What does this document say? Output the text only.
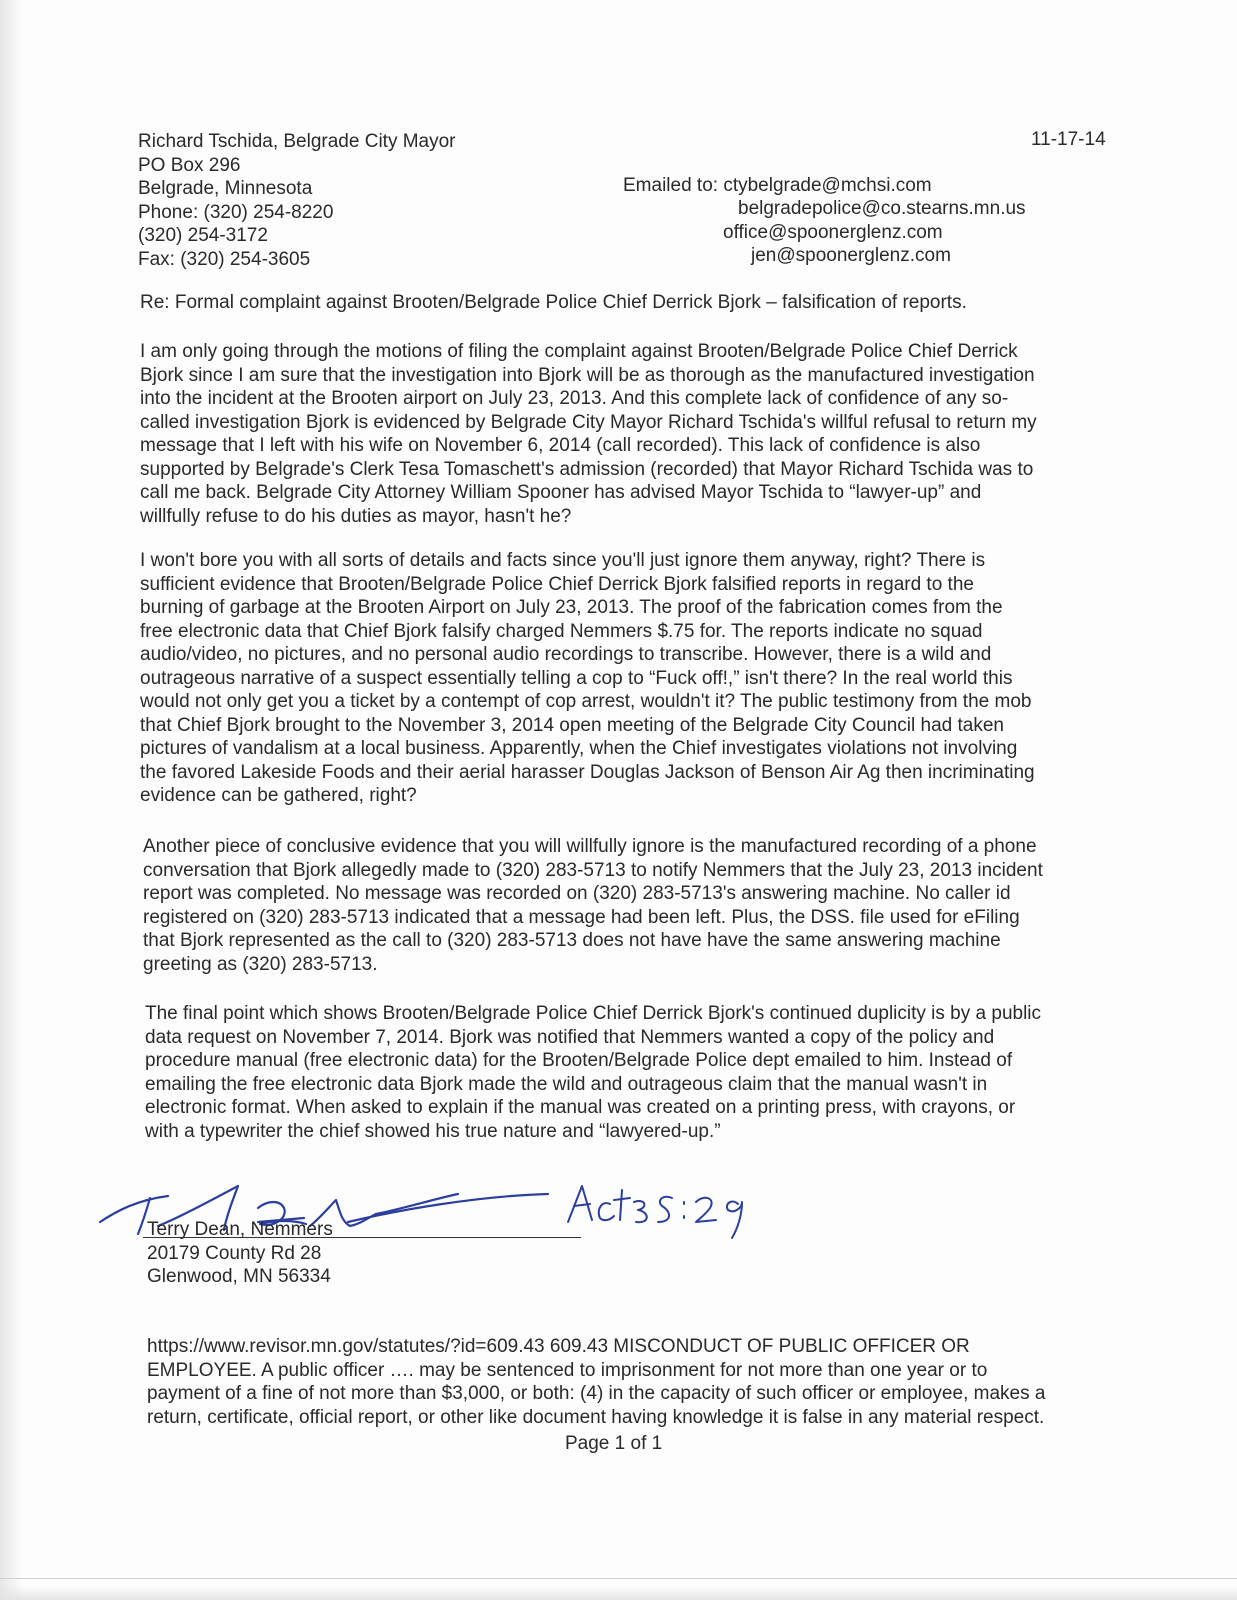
11-17-14
Richard Tschida, Belgrade City Mayor
PO Box 296
Belgrade, Minnesota
Phone: (320) 254-8220
(320) 254-3172
Fax: (320) 254-3605
Emailed to: ctybelgrade@mchsi.com
belgradepolice@co.stearns.mn.us
office@spoonerglenz.com
jen@spoonerglenz.com
Re: Formal complaint against Brooten/Belgrade Police Chief Derrick Bjork – falsification of reports.
I am only going through the motions of filing the complaint against Brooten/Belgrade Police Chief Derrick
Bjork since I am sure that the investigation into Bjork will be as thorough as the manufactured investigation
into the incident at the Brooten airport on July 23, 2013. And this complete lack of confidence of any so-
called investigation Bjork is evidenced by Belgrade City Mayor Richard Tschida's willful refusal to return my
message that I left with his wife on November 6, 2014 (call recorded). This lack of confidence is also
supported by Belgrade's Clerk Tesa Tomaschett's admission (recorded) that Mayor Richard Tschida was to
call me back. Belgrade City Attorney William Spooner has advised Mayor Tschida to “lawyer-up” and
willfully refuse to do his duties as mayor, hasn't he?
I won't bore you with all sorts of details and facts since you'll just ignore them anyway, right? There is
sufficient evidence that Brooten/Belgrade Police Chief Derrick Bjork falsified reports in regard to the
burning of garbage at the Brooten Airport on July 23, 2013. The proof of the fabrication comes from the
free electronic data that Chief Bjork falsify charged Nemmers $.75 for. The reports indicate no squad
audio/video, no pictures, and no personal audio recordings to transcribe. However, there is a wild and
outrageous narrative of a suspect essentially telling a cop to “Fuck off!,” isn't there? In the real world this
would not only get you a ticket by a contempt of cop arrest, wouldn't it? The public testimony from the mob
that Chief Bjork brought to the November 3, 2014 open meeting of the Belgrade City Council had taken
pictures of vandalism at a local business. Apparently, when the Chief investigates violations not involving
the favored Lakeside Foods and their aerial harasser Douglas Jackson of Benson Air Ag then incriminating
evidence can be gathered, right?
Another piece of conclusive evidence that you will willfully ignore is the manufactured recording of a phone
conversation that Bjork allegedly made to (320) 283-5713 to notify Nemmers that the July 23, 2013 incident
report was completed. No message was recorded on (320) 283-5713's answering machine. No caller id
registered on (320) 283-5713 indicated that a message had been left. Plus, the DSS. file used for eFiling
that Bjork represented as the call to (320) 283-5713 does not have have the same answering machine
greeting as (320) 283-5713.
The final point which shows Brooten/Belgrade Police Chief Derrick Bjork's continued duplicity is by a public
data request on November 7, 2014. Bjork was notified that Nemmers wanted a copy of the policy and
procedure manual (free electronic data) for the Brooten/Belgrade Police dept emailed to him. Instead of
emailing the free electronic data Bjork made the wild and outrageous claim that the manual wasn't in
electronic format. When asked to explain if the manual was created on a printing press, with crayons, or
with a typewriter the chief showed his true nature and “lawyered-up.”
Terry Dean, Nemmers
20179 County Rd 28
Glenwood, MN 56334
https://www.revisor.mn.gov/statutes/?id=609.43 609.43 MISCONDUCT OF PUBLIC OFFICER OR
EMPLOYEE. A public officer …. may be sentenced to imprisonment for not more than one year or to
payment of a fine of not more than $3,000, or both: (4) in the capacity of such officer or employee, makes a
return, certificate, official report, or other like document having knowledge it is false in any material respect.
Page 1 of 1
